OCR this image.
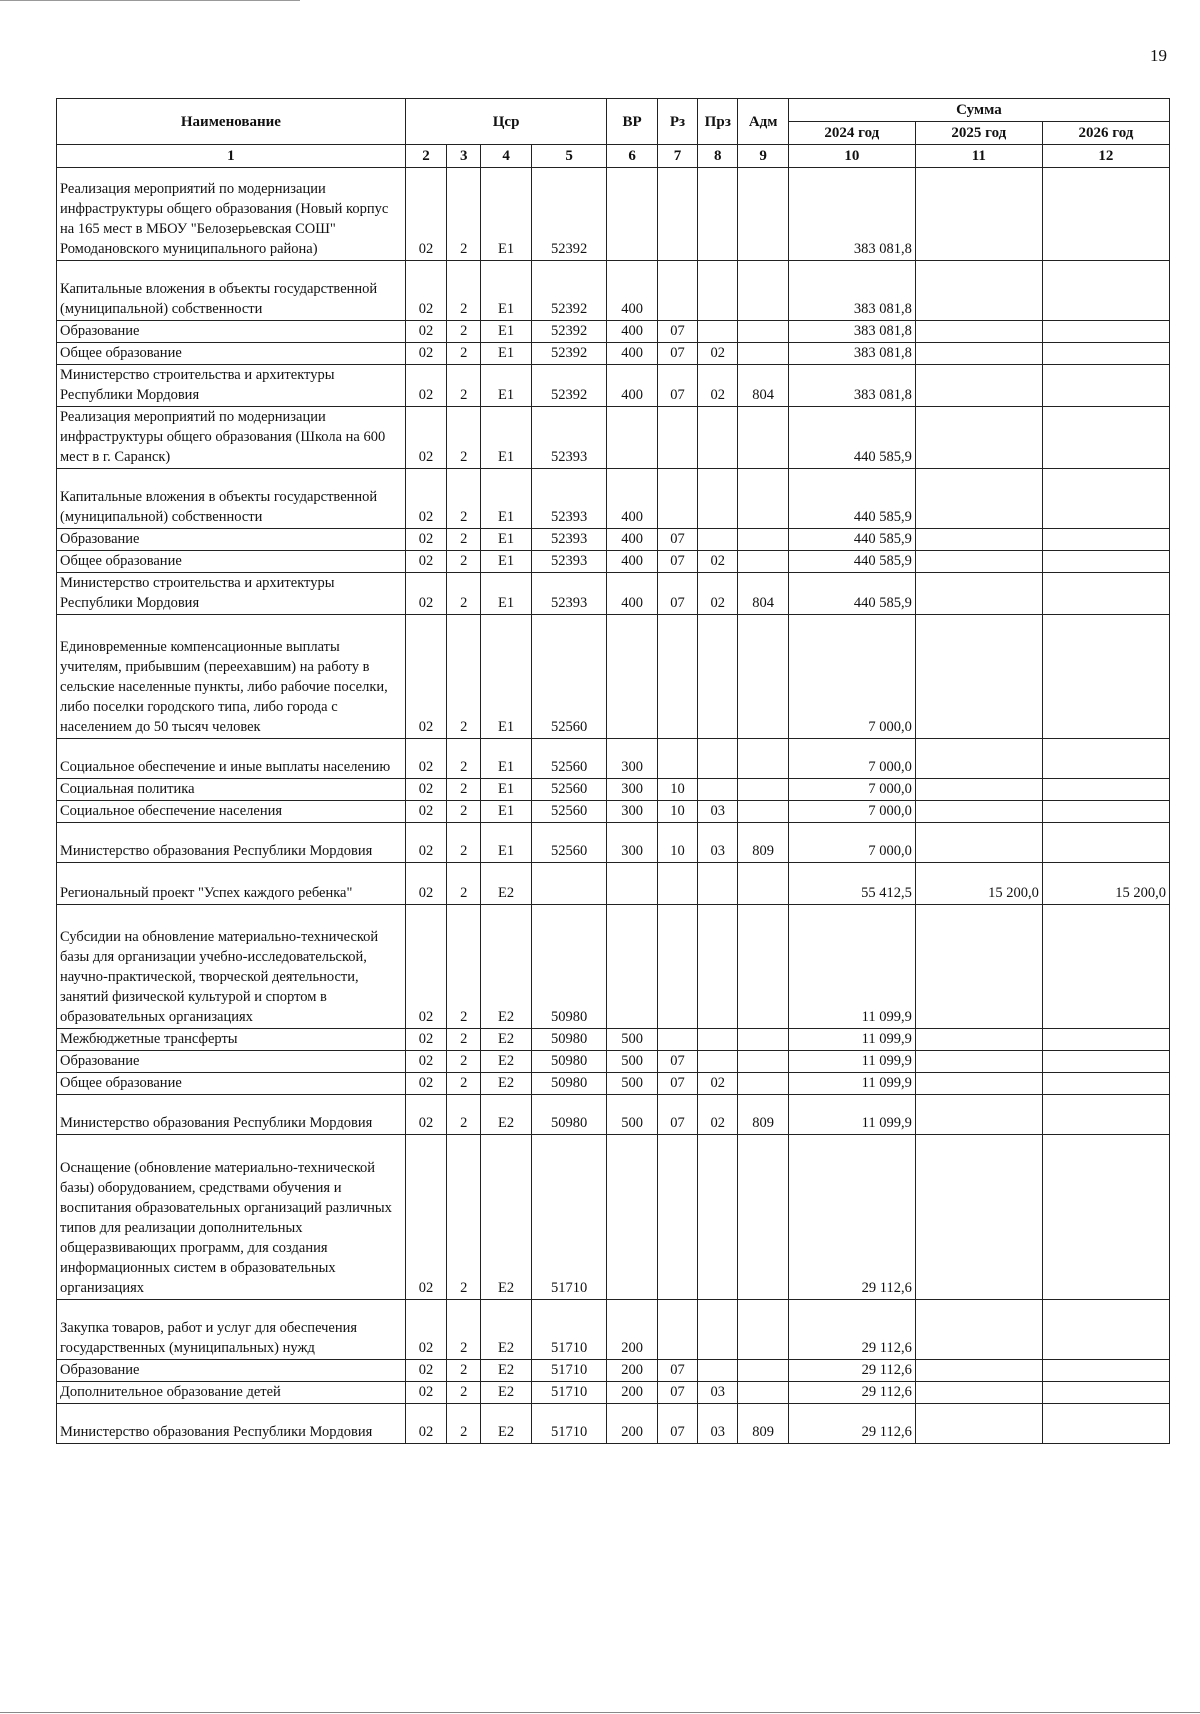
19
Наименование	Цср				ВР	Рз	Прз	Адм	Сумма		
									2024 год	2025 год	2026 год
1	2	3	4	5	6	7	8	9	10	11	12
Реализация мероприятий по модернизации инфраструктуры общего образования (Новый корпус на 165 мест в МБОУ "Белозерьевская СОШ" Ромодановского муниципального района)	02	2	E1	52392					383 081,8		
Капитальные вложения в объекты государственной (муниципальной) собственности	02	2	E1	52392	400				383 081,8		
Образование	02	2	E1	52392	400	07			383 081,8		
Общее образование	02	2	E1	52392	400	07	02		383 081,8		
Министерство строительства и архитектуры Республики Мордовия	02	2	E1	52392	400	07	02	804	383 081,8		
Реализация мероприятий по модернизации инфраструктуры общего образования (Школа на 600 мест в г. Саранск)	02	2	E1	52393					440 585,9		
Капитальные вложения в объекты государственной (муниципальной) собственности	02	2	E1	52393	400				440 585,9		
Образование	02	2	E1	52393	400	07			440 585,9		
Общее образование	02	2	E1	52393	400	07	02		440 585,9		
Министерство строительства и архитектуры Республики Мордовия	02	2	E1	52393	400	07	02	804	440 585,9		
Единовременные компенсационные выплаты учителям, прибывшим (переехавшим) на работу в сельские населенные пункты, либо рабочие поселки, либо поселки городского типа, либо города с населением до 50 тысяч человек	02	2	E1	52560					7 000,0		
Социальное обеспечение и иные выплаты населению	02	2	E1	52560	300				7 000,0		
Социальная политика	02	2	E1	52560	300	10			7 000,0		
Социальное обеспечение населения	02	2	E1	52560	300	10	03		7 000,0		
Министерство образования Республики Мордовия	02	2	E1	52560	300	10	03	809	7 000,0		
Региональный проект "Успех каждого ребенка"	02	2	E2						55 412,5	15 200,0	15 200,0
Субсидии на обновление материально-технической базы для организации учебно-исследовательской, научно-практической, творческой деятельности, занятий физической культурой и спортом в образовательных организациях	02	2	E2	50980					11 099,9		
Межбюджетные трансферты	02	2	E2	50980	500				11 099,9		
Образование	02	2	E2	50980	500	07			11 099,9		
Общее образование	02	2	E2	50980	500	07	02		11 099,9		
Министерство образования Республики Мордовия	02	2	E2	50980	500	07	02	809	11 099,9		
Оснащение (обновление материально-технической базы) оборудованием, средствами обучения и воспитания образовательных организаций различных типов для реализации дополнительных общеразвивающих программ, для создания информационных систем в образовательных организациях	02	2	E2	51710					29 112,6		
Закупка товаров, работ и услуг для обеспечения государственных (муниципальных) нужд	02	2	E2	51710	200				29 112,6		
Образование	02	2	E2	51710	200	07			29 112,6		
Дополнительное образование детей	02	2	E2	51710	200	07	03		29 112,6		
Министерство образования Республики Мордовия	02	2	E2	51710	200	07	03	809	29 112,6		
